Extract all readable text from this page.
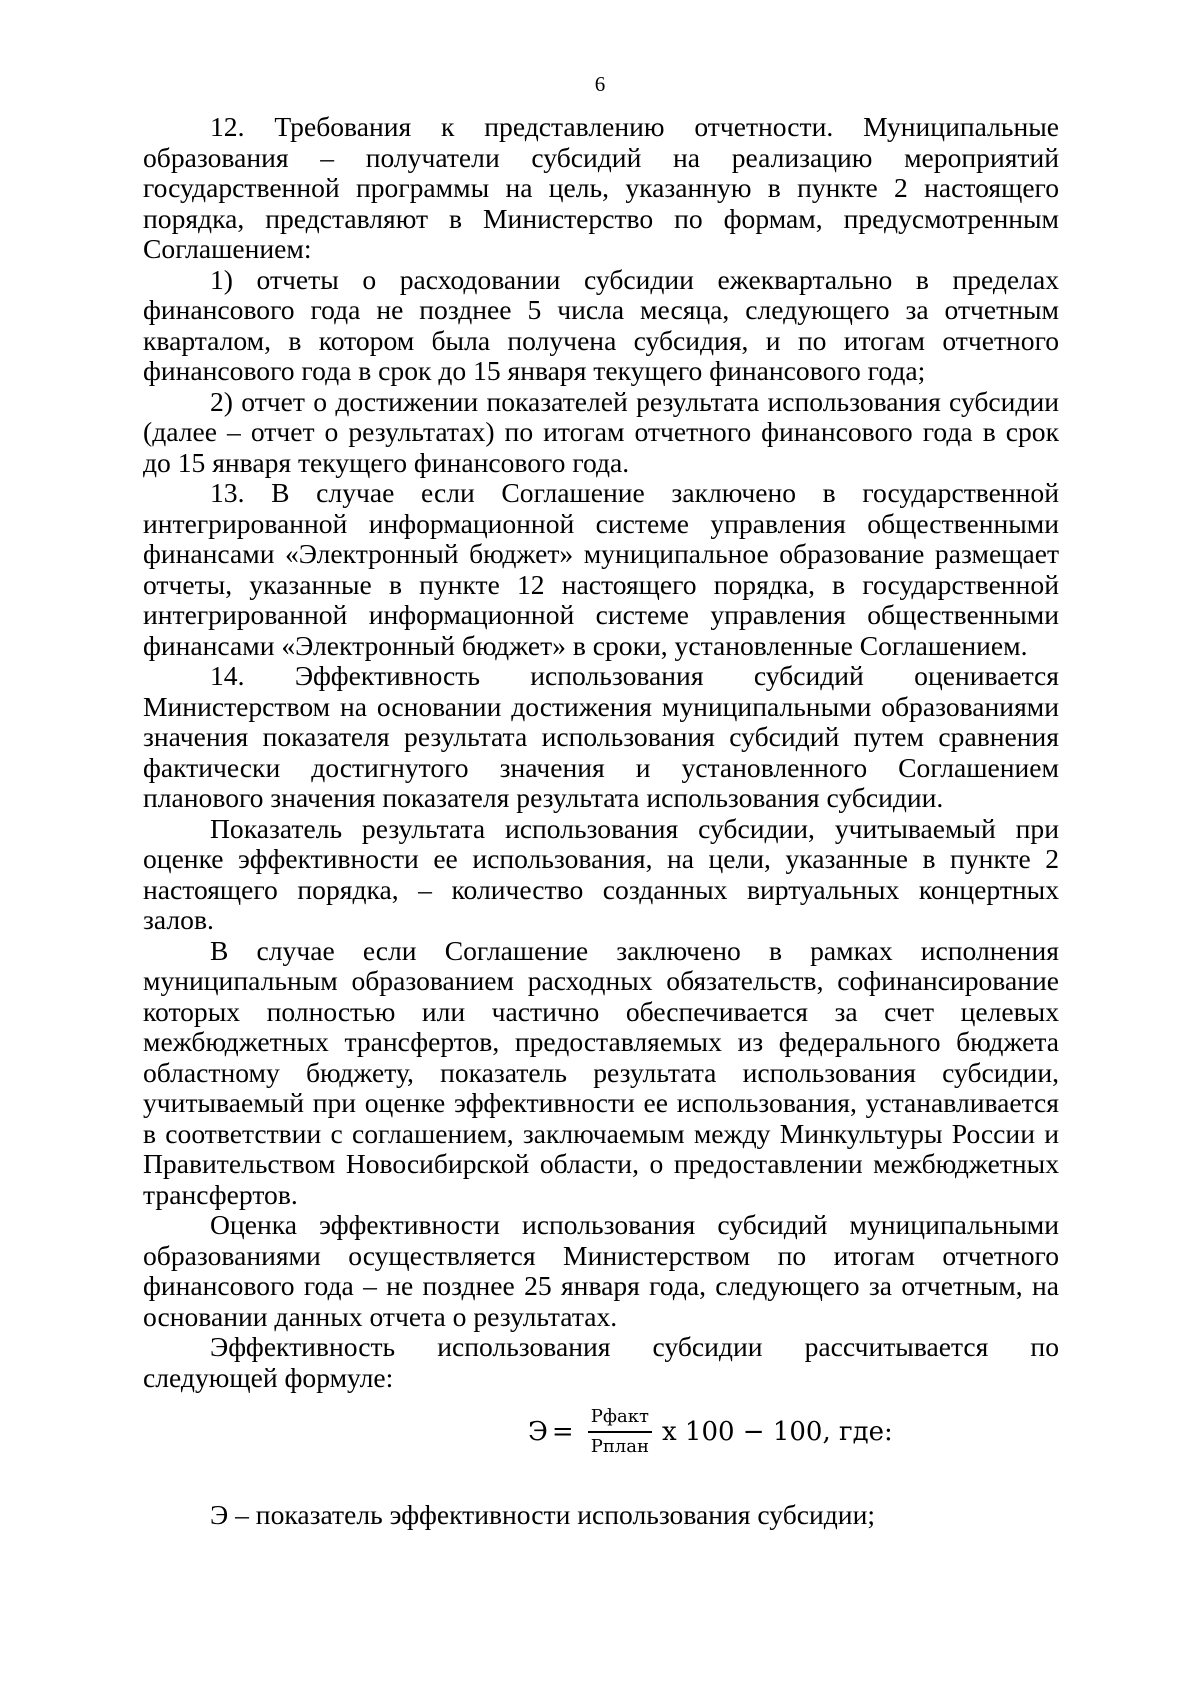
6

12. Требования к представлению отчетности. Муниципальные образования – получатели субсидий на реализацию мероприятий государственной программы на цель, указанную в пункте 2 настоящего порядка, представляют в Министерство по формам, предусмотренным Соглашением:

1) отчеты о расходовании субсидии ежеквартально в пределах финансового года не позднее 5 числа месяца, следующего за отчетным кварталом, в котором была получена субсидия, и по итогам отчетного финансового года в срок до 15 января текущего финансового года;

2) отчет о достижении показателей результата использования субсидии (далее – отчет о результатах) по итогам отчетного финансового года в срок до 15 января текущего финансового года.

13. В случае если Соглашение заключено в государственной интегрированной информационной системе управления общественными финансами «Электронный бюджет» муниципальное образование размещает отчеты, указанные в пункте 12 настоящего порядка, в государственной интегрированной информационной системе управления общественными финансами «Электронный бюджет» в сроки, установленные Соглашением.

14. Эффективность использования субсидий оценивается Министерством на основании достижения муниципальными образованиями значения показателя результата использования субсидий путем сравнения фактически достигнутого значения и установленного Соглашением планового значения показателя результата использования субсидии.

Показатель результата использования субсидии, учитываемый при оценке эффективности ее использования, на цели, указанные в пункте 2 настоящего порядка, – количество созданных виртуальных концертных залов.

В случае если Соглашение заключено в рамках исполнения муниципальным образованием расходных обязательств, софинансирование которых полностью или частично обеспечивается за счет целевых межбюджетных трансфертов, предоставляемых из федерального бюджета областному бюджету, показатель результата использования субсидии, учитываемый при оценке эффективности ее использования, устанавливается в соответствии с соглашением, заключаемым между Минкультуры России и Правительством Новосибирской области, о предоставлении межбюджетных трансфертов.

Оценка эффективности использования субсидий муниципальными образованиями осуществляется Министерством по итогам отчетного финансового года – не позднее 25 января года, следующего за отчетным, на основании данных отчета о результатах.

Эффективность использования субсидии рассчитывается по следующей формуле:

$Э = \frac{\text{Pфакт}}{\text{Pплан}}$ x 100 − 100, где:
Э – показатель эффективности использования субсидии;
